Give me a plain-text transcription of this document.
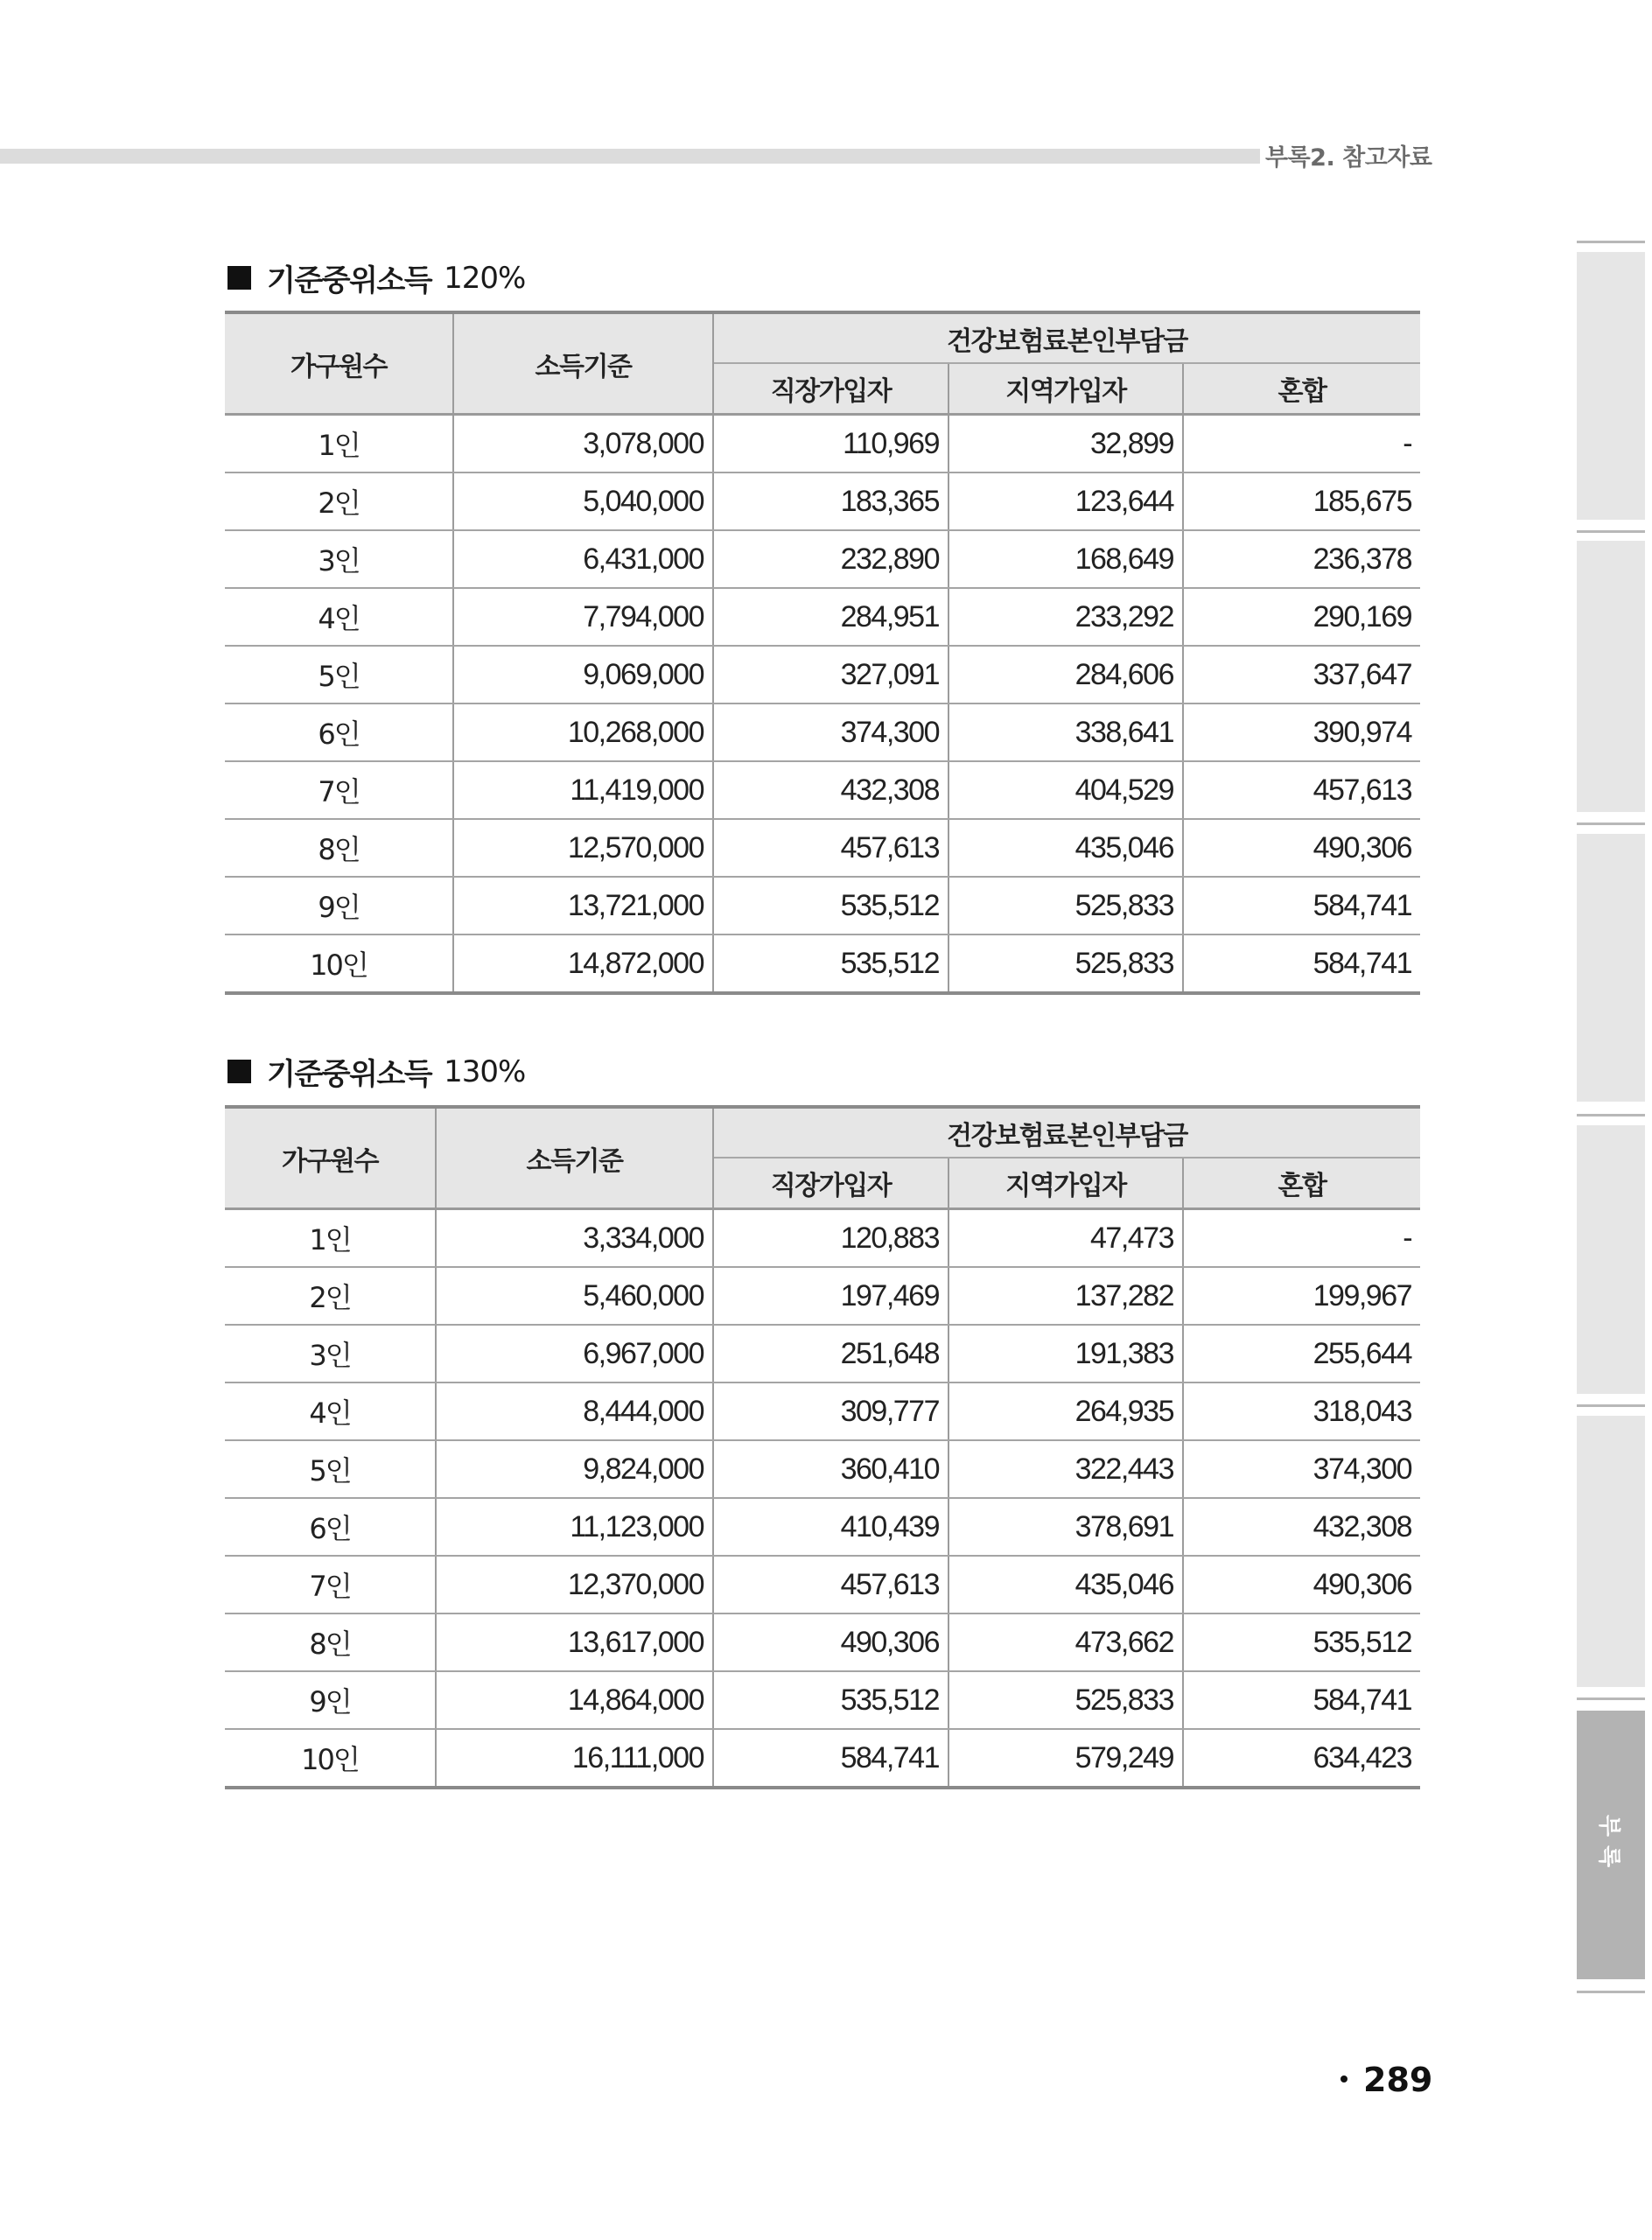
부록2. 참고자료
기준중위소득 120%
가구원수	소득기준	건강보험료본인부담금		
		직장가입자	지역가입자	혼합
1인	3,078,000	110,969	32,899	-
2인	5,040,000	183,365	123,644	185,675
3인	6,431,000	232,890	168,649	236,378
4인	7,794,000	284,951	233,292	290,169
5인	9,069,000	327,091	284,606	337,647
6인	10,268,000	374,300	338,641	390,974
7인	11,419,000	432,308	404,529	457,613
8인	12,570,000	457,613	435,046	490,306
9인	13,721,000	535,512	525,833	584,741
10인	14,872,000	535,512	525,833	584,741
기준중위소득 130%
가구원수	소득기준	건강보험료본인부담금		
		직장가입자	지역가입자	혼합
1인	3,334,000	120,883	47,473	-
2인	5,460,000	197,469	137,282	199,967
3인	6,967,000	251,648	191,383	255,644
4인	8,444,000	309,777	264,935	318,043
5인	9,824,000	360,410	322,443	374,300
6인	11,123,000	410,439	378,691	432,308
7인	12,370,000	457,613	435,046	490,306
8인	13,617,000	490,306	473,662	535,512
9인	14,864,000	535,512	525,833	584,741
10인	16,111,000	584,741	579,249	634,423
부록
289
